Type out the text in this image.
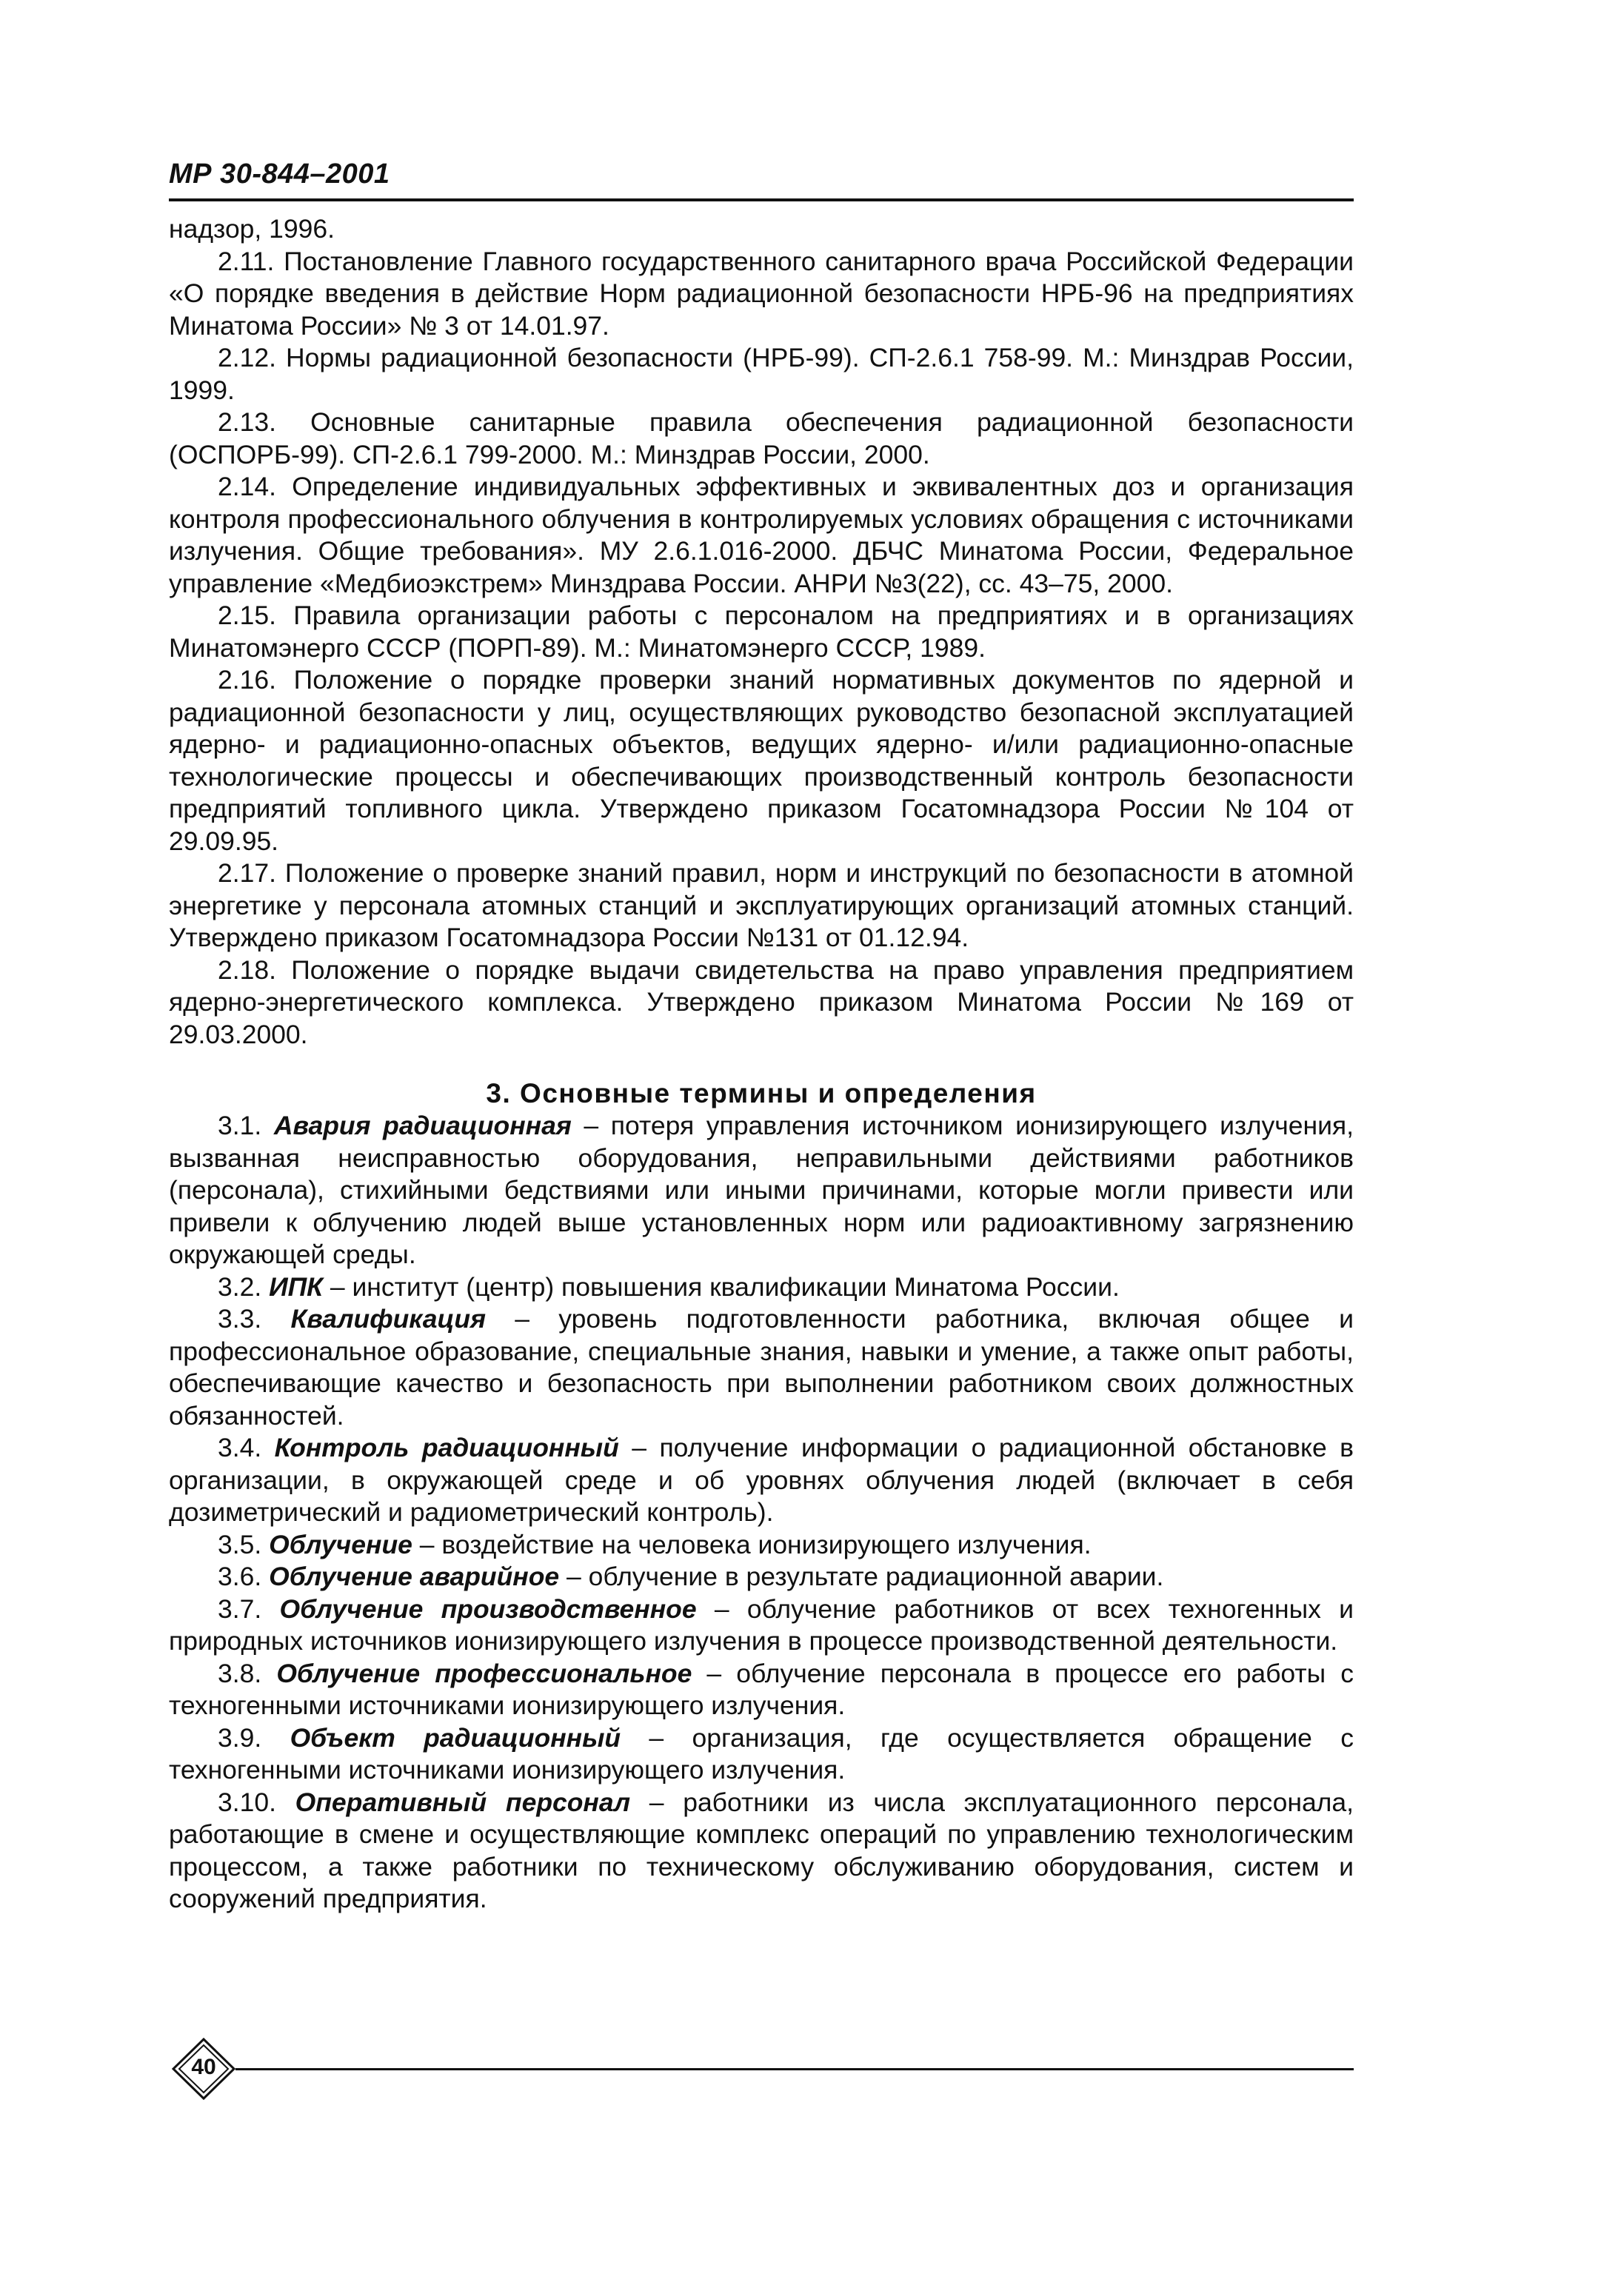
МР 30-844–2001

надзор, 1996.

2.11. Постановление Главного государственного санитарного врача Российской Федерации «О порядке введения в действие Норм радиационной безопасности НРБ-96 на предприятиях Минатома России» № 3 от 14.01.97.

2.12. Нормы радиационной безопасности (НРБ-99). СП-2.6.1 758-99. М.: Минздрав России, 1999.

2.13. Основные санитарные правила обеспечения радиационной безопасности (ОСПОРБ-99). СП-2.6.1 799-2000. М.: Минздрав России, 2000.

2.14. Определение индивидуальных эффективных и эквивалентных доз и организация контроля профессионального облучения в контролируемых условиях обращения с источниками излучения. Общие требования». МУ 2.6.1.016-2000. ДБЧС Минатома России, Федеральное управление «Медбиоэкстрем» Минздрава России. АНРИ №3(22), сс. 43–75, 2000.

2.15. Правила организации работы с персоналом на предприятиях и в организациях Минатомэнерго СССР (ПОРП-89). М.: Минатомэнерго СССР, 1989.

2.16. Положение о порядке проверки знаний нормативных документов по ядерной и радиационной безопасности у лиц, осуществляющих руководство безопасной эксплуатацией ядерно- и радиационно-опасных объектов, ведущих ядерно- и/или радиационно-опасные технологические процессы и обеспечивающих производственный контроль безопасности предприятий топливного цикла. Утверждено приказом Госатомнадзора России №104 от 29.09.95.

2.17. Положение о проверке знаний правил, норм и инструкций по безопасности в атомной энергетике у персонала атомных станций и эксплуатирующих организаций атомных станций. Утверждено приказом Госатомнадзора России №131 от 01.12.94.

2.18. Положение о порядке выдачи свидетельства на право управления предприятием ядерно-энергетического комплекса. Утверждено приказом Минатома России №169 от 29.03.2000.

3. Основные термины и определения

3.1. Авария радиационная – потеря управления источником ионизирующего излучения, вызванная неисправностью оборудования, неправильными действиями работников (персонала), стихийными бедствиями или иными причинами, которые могли привести или привели к облучению людей выше установленных норм или радиоактивному загрязнению окружающей среды.

3.2. ИПК – институт (центр) повышения квалификации Минатома России.

3.3. Квалификация – уровень подготовленности работника, включая общее и профессиональное образование, специальные знания, навыки и умение, а также опыт работы, обеспечивающие качество и безопасность при выполнении работником своих должностных обязанностей.

3.4. Контроль радиационный – получение информации о радиационной обстановке в организации, в окружающей среде и об уровнях облучения людей (включает в себя дозиметрический и радиометрический контроль).

3.5. Облучение – воздействие на человека ионизирующего излучения.

3.6. Облучение аварийное – облучение в результате радиационной аварии.

3.7. Облучение производственное – облучение работников от всех техногенных и природных источников ионизирующего излучения в процессе производственной деятельности.

3.8. Облучение профессиональное – облучение персонала в процессе его работы с техногенными источниками ионизирующего излучения.

3.9. Объект радиационный – организация, где осуществляется обращение с техногенными источниками ионизирующего излучения.

3.10. Оперативный персонал – работники из числа эксплуатационного персонала, работающие в смене и осуществляющие комплекс операций по управлению технологическим процессом, а также работники по техническому обслуживанию оборудования, систем и сооружений предприятия.

40
